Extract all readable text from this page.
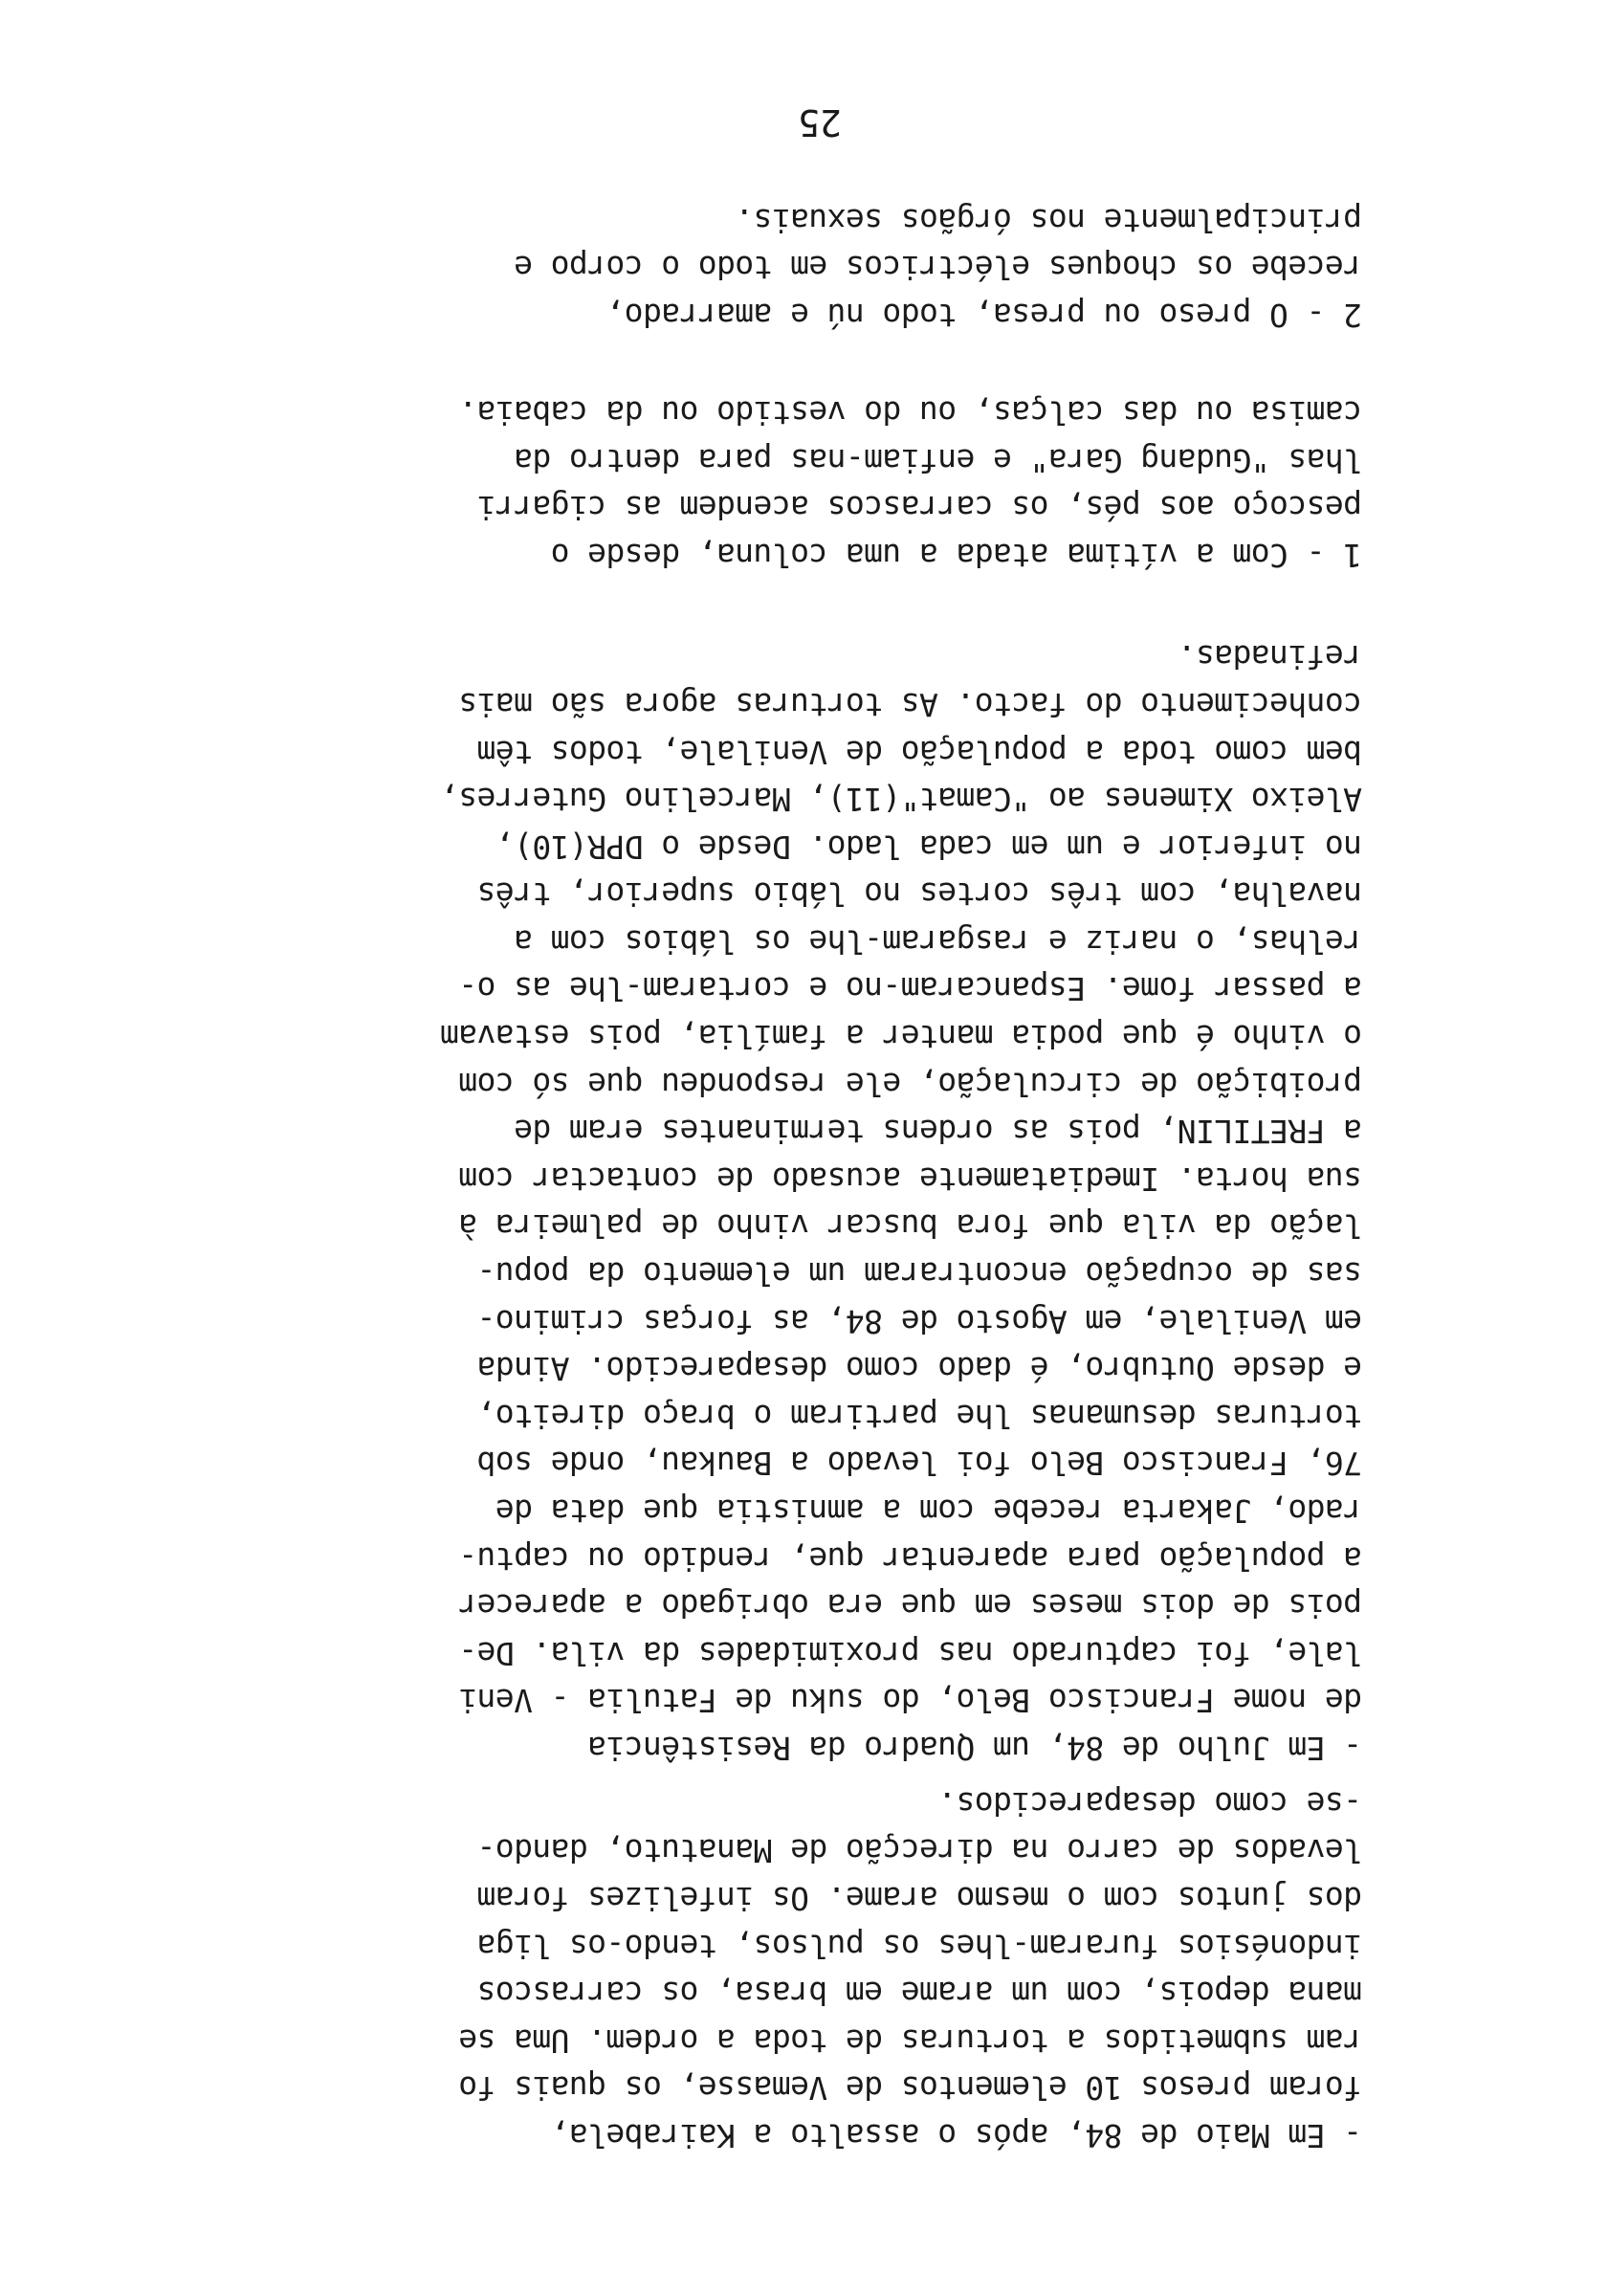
- Em Maio de 84, após o assalto a Kairabela,
foram presos 10 elementos de Vemasse, os quais fo
ram submetidos a torturas de toda a ordem. Uma se
mana depois, com um arame em brasa, os carrascos
indonésios furaram-lhes os pulsos, tendo-os liga
dos juntos com o mesmo arame. Os infelizes foram
levados de carro na direcção de Manatuto, dando-
-se como desaparecidos.
- Em Julho de 84, um Quadro da Resistência
de nome Francisco Belo, do suku de Fatulia - Veni
lale, foi capturado nas proximidades da vila. De-
pois de dois meses em que era obrigado a aparecer
a população para aparentar que, rendido ou captu-
rado, Jakarta recebe com a amnistia que data de
76, Francisco Belo foi levado a Baukau, onde sob
torturas desumanas lhe partiram o braço direito,
e desde Outubro, é dado como desaparecido. Ainda
em Venilale, em Agosto de 84, as forças crimino-
sas de ocupação encontraram um elemento da popu-
lação da vila que fora buscar vinho de palmeira à
sua horta. Imediatamente acusado de contactar com
a FRETILIN, pois as ordens terminantes eram de
proibição de circulação, ele respondeu que só com
o vinho é que podia manter a família, pois estavam
a passar fome. Espancaram-no e cortaram-lhe as o-
relhas, o nariz e rasgaram-lhe os lábios com a
navalha, com três cortes no lábio superior, três
no inferior e um em cada lado. Desde o DPR(10),
Aleixo Ximenes ao "Camat"(11), Marcelino Guterres,
bem como toda a população de Venilale, todos têm
conhecimento do facto. As torturas agora são mais
refinadas.
1 - Com a vítima atada a uma coluna, desde o
pescoço aos pés, os carrascos acendem as cigarri
lhas "Gudang Gara" e enfiam-nas para dentro da
camisa ou das calças, ou do vestido ou da cabaia.
2 - O preso ou presa, todo nú e amarrado,
recebe os choques eléctricos em todo o corpo e
principalmente nos órgãos sexuais.
25
